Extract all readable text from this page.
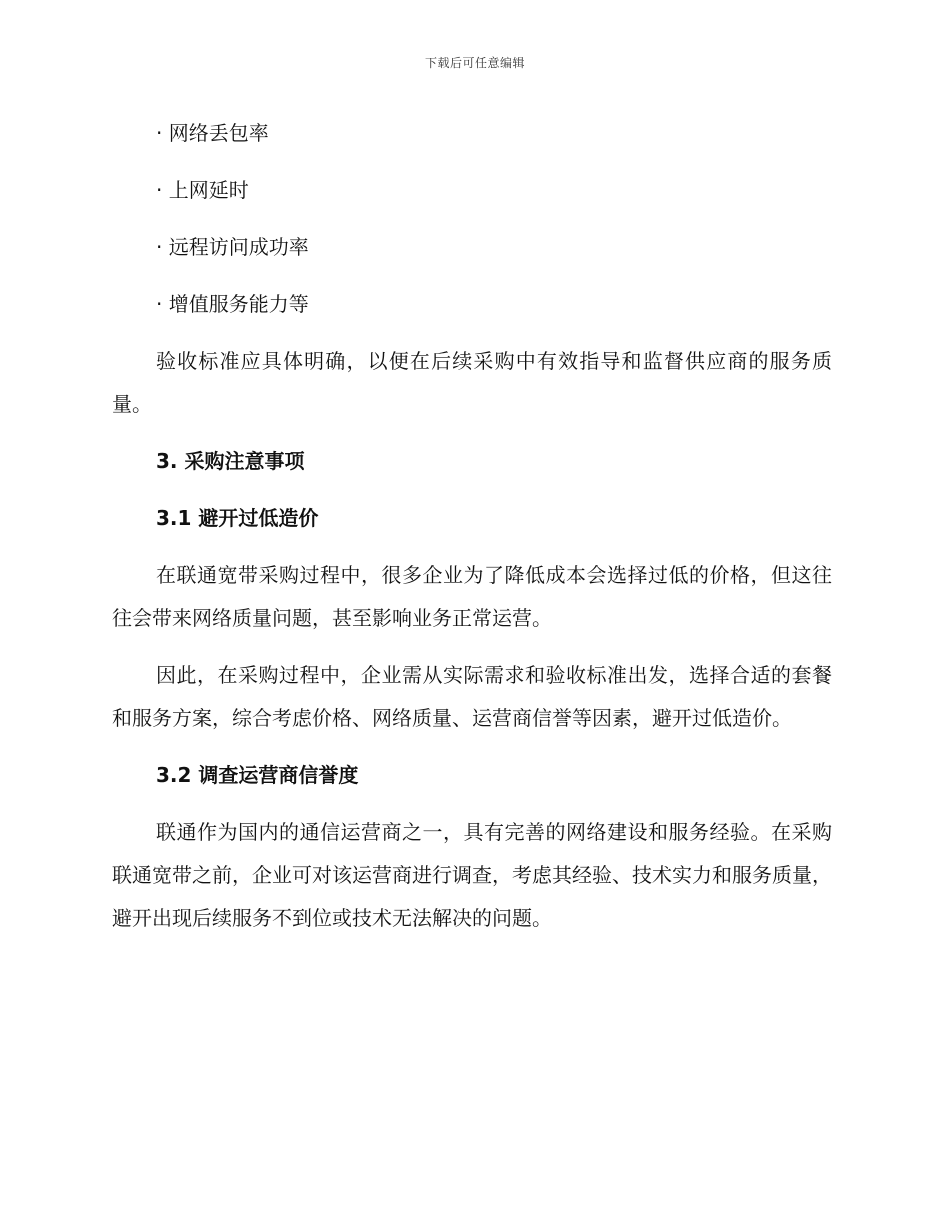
下载后可任意编辑
· 网络丢包率
· 上网延时
· 远程访问成功率
· 增值服务能力等

验收标准应具体明确，以便在后续采购中有效指导和监督供应商的服务质量。

3. 采购注意事项
3.1 避开过低造价

在联通宽带采购过程中，很多企业为了降低成本会选择过低的价格，但这往往会带来网络质量问题，甚至影响业务正常运营。

因此，在采购过程中，企业需从实际需求和验收标准出发，选择合适的套餐和服务方案，综合考虑价格、网络质量、运营商信誉等因素，避开过低造价。

3.2 调查运营商信誉度

联通作为国内的通信运营商之一，具有完善的网络建设和服务经验。在采购联通宽带之前，企业可对该运营商进行调查，考虑其经验、技术实力和服务质量，避开出现后续服务不到位或技术无法解决的问题。
